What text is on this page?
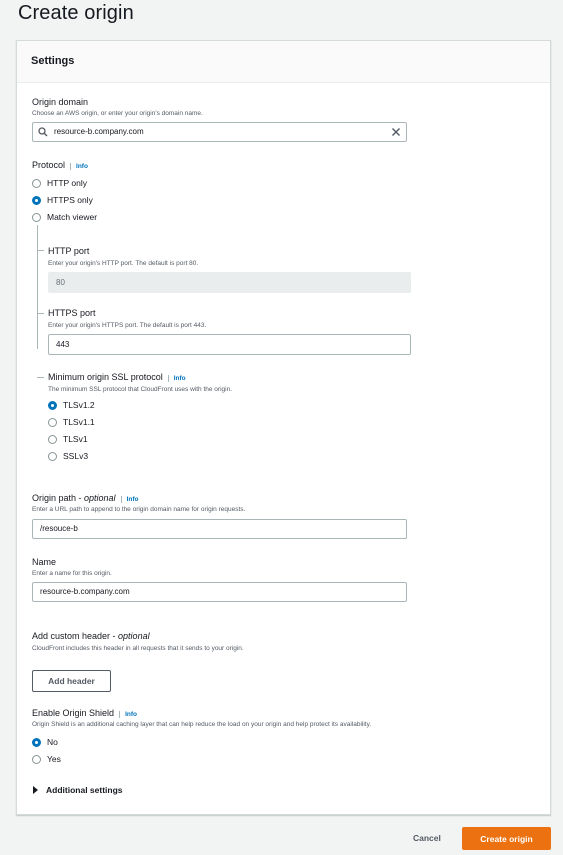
Create origin
Settings
Origin domain
Choose an AWS origin, or enter your origin's domain name.
resource-b.company.com
Protocol Info
HTTP only
HTTPS only
Match viewer
HTTP port
Enter your origin's HTTP port. The default is port 80.
80
HTTPS port
Enter your origin's HTTPS port. The default is port 443.
443
Minimum origin SSL protocol Info
The minimum SSL protocol that CloudFront uses with the origin.
TLSv1.2
TLSv1.1
TLSv1
SSLv3
Origin path - optional Info
Enter a URL path to append to the origin domain name for origin requests.
/resouce-b
Name
Enter a name for this origin.
resource-b.company.com
Add custom header - optional
CloudFront includes this header in all requests that it sends to your origin.
Add header
Enable Origin Shield Info
Origin Shield is an additional caching layer that can help reduce the load on your origin and help protect its availability.
No
Yes
Additional settings
Cancel	Create origin
